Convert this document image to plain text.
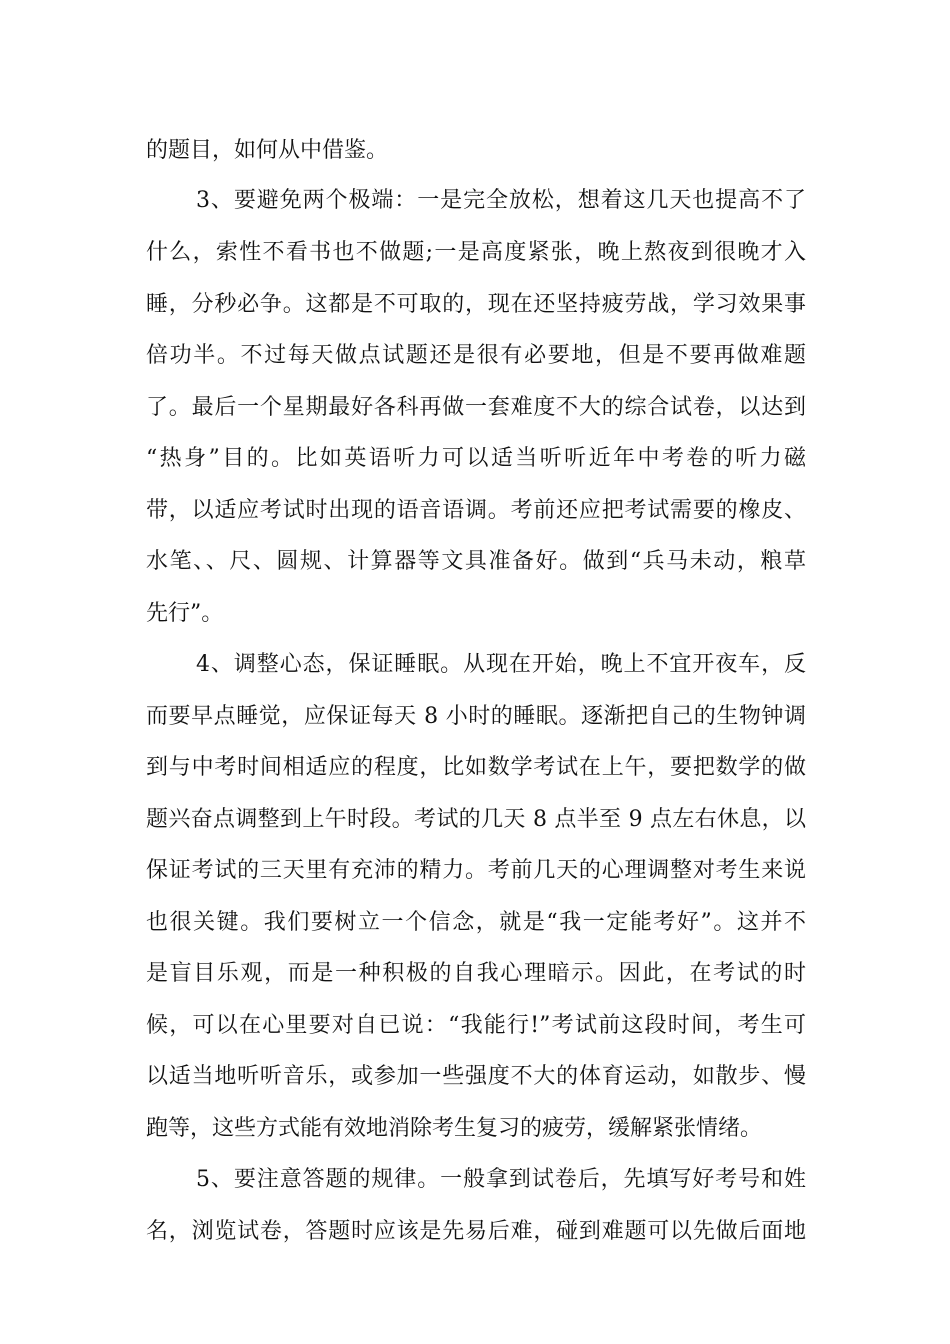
的题目，如何从中借鉴。
3、要避免两个极端：一是完全放松，想着这几天也提高不了
什么，索性不看书也不做题;一是高度紧张，晚上熬夜到很晚才入
睡，分秒必争。这都是不可取的，现在还坚持疲劳战，学习效果事
倍功半。不过每天做点试题还是很有必要地，但是不要再做难题
了。最后一个星期最好各科再做一套难度不大的综合试卷，以达到
“热身”目的。比如英语听力可以适当听听近年中考卷的听力磁
带，以适应考试时出现的语音语调。考前还应把考试需要的橡皮、
水笔、、尺、圆规、计算器等文具准备好。做到“兵马未动，粮草
先行”。
4、调整心态，保证睡眠。从现在开始，晚上不宜开夜车，反
而要早点睡觉，应保证每天 8 小时的睡眠。逐渐把自己的生物钟调
到与中考时间相适应的程度，比如数学考试在上午，要把数学的做
题兴奋点调整到上午时段。考试的几天 8 点半至 9 点左右休息，以
保证考试的三天里有充沛的精力。考前几天的心理调整对考生来说
也很关键。我们要树立一个信念，就是“我一定能考好”。这并不
是盲目乐观，而是一种积极的自我心理暗示。因此，在考试的时
候，可以在心里要对自已说：“我能行!”考试前这段时间，考生可
以适当地听听音乐，或参加一些强度不大的体育运动，如散步、慢
跑等，这些方式能有效地消除考生复习的疲劳，缓解紧张情绪。
5、要注意答题的规律。一般拿到试卷后，先填写好考号和姓
名，浏览试卷，答题时应该是先易后难，碰到难题可以先做后面地
